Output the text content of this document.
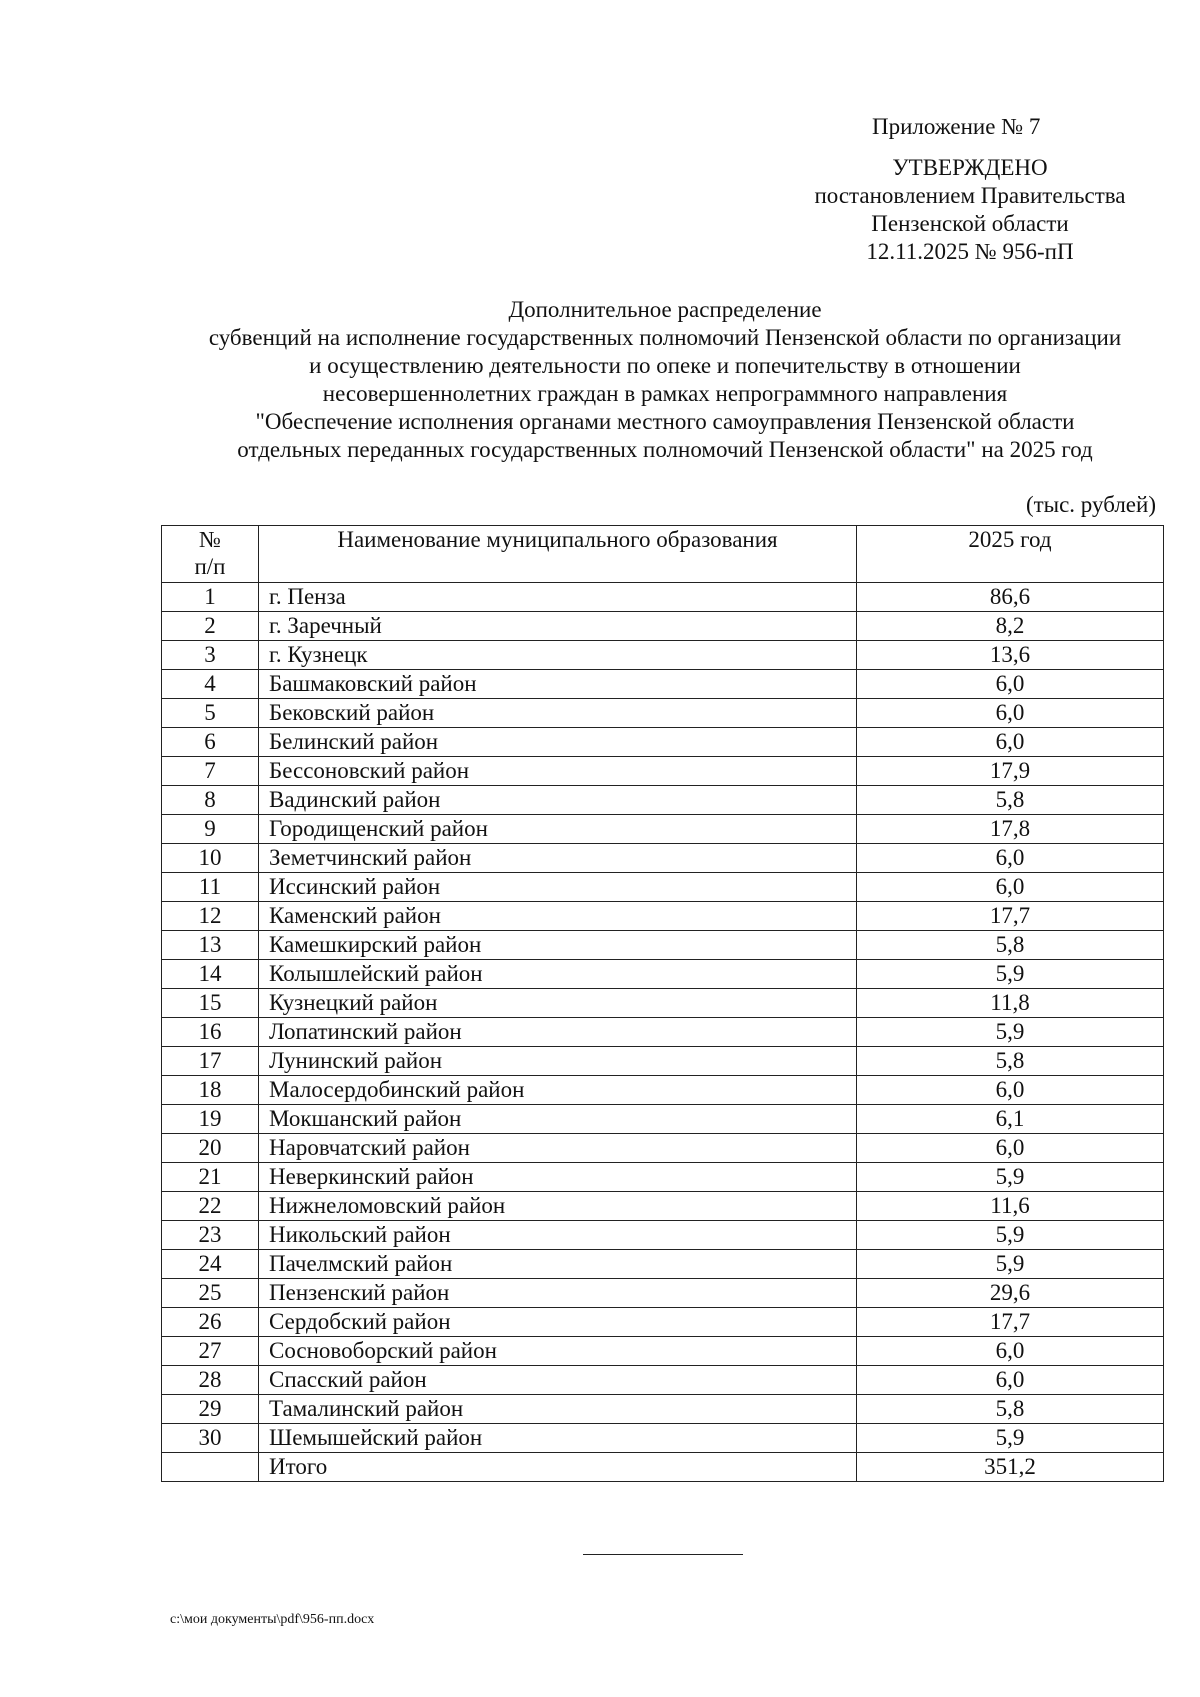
Приложение № 7
УТВЕРЖДЕНО
постановлением Правительства
Пензенской области
12.11.2025 № 956-пП
Дополнительное распределение
субвенций на исполнение государственных полномочий Пензенской области по организации
и осуществлению деятельности по опеке и попечительству в отношении
несовершеннолетних граждан в рамках непрограммного направления
"Обеспечение исполнения органами местного самоуправления Пензенской области
отдельных переданных государственных полномочий Пензенской области" на 2025 год
(тыс. рублей)
№
п/п	Наименование муниципального образования	2025 год
1	г. Пенза	86,6
2	г. Заречный	8,2
3	г. Кузнецк	13,6
4	Башмаковский район	6,0
5	Бековский район	6,0
6	Белинский район	6,0
7	Бессоновский район	17,9
8	Вадинский район	5,8
9	Городищенский район	17,8
10	Земетчинский район	6,0
11	Иссинский район	6,0
12	Каменский район	17,7
13	Камешкирский район	5,8
14	Колышлейский район	5,9
15	Кузнецкий район	11,8
16	Лопатинский район	5,9
17	Лунинский район	5,8
18	Малосердобинский район	6,0
19	Мокшанский район	6,1
20	Наровчатский район	6,0
21	Неверкинский район	5,9
22	Нижнеломовский район	11,6
23	Никольский район	5,9
24	Пачелмский район	5,9
25	Пензенский район	29,6
26	Сердобский район	17,7
27	Сосновоборский район	6,0
28	Спасский район	6,0
29	Тамалинский район	5,8
30	Шемышейский район	5,9
	Итого	351,2
c:\мои документы\pdf\956-пп.docx
